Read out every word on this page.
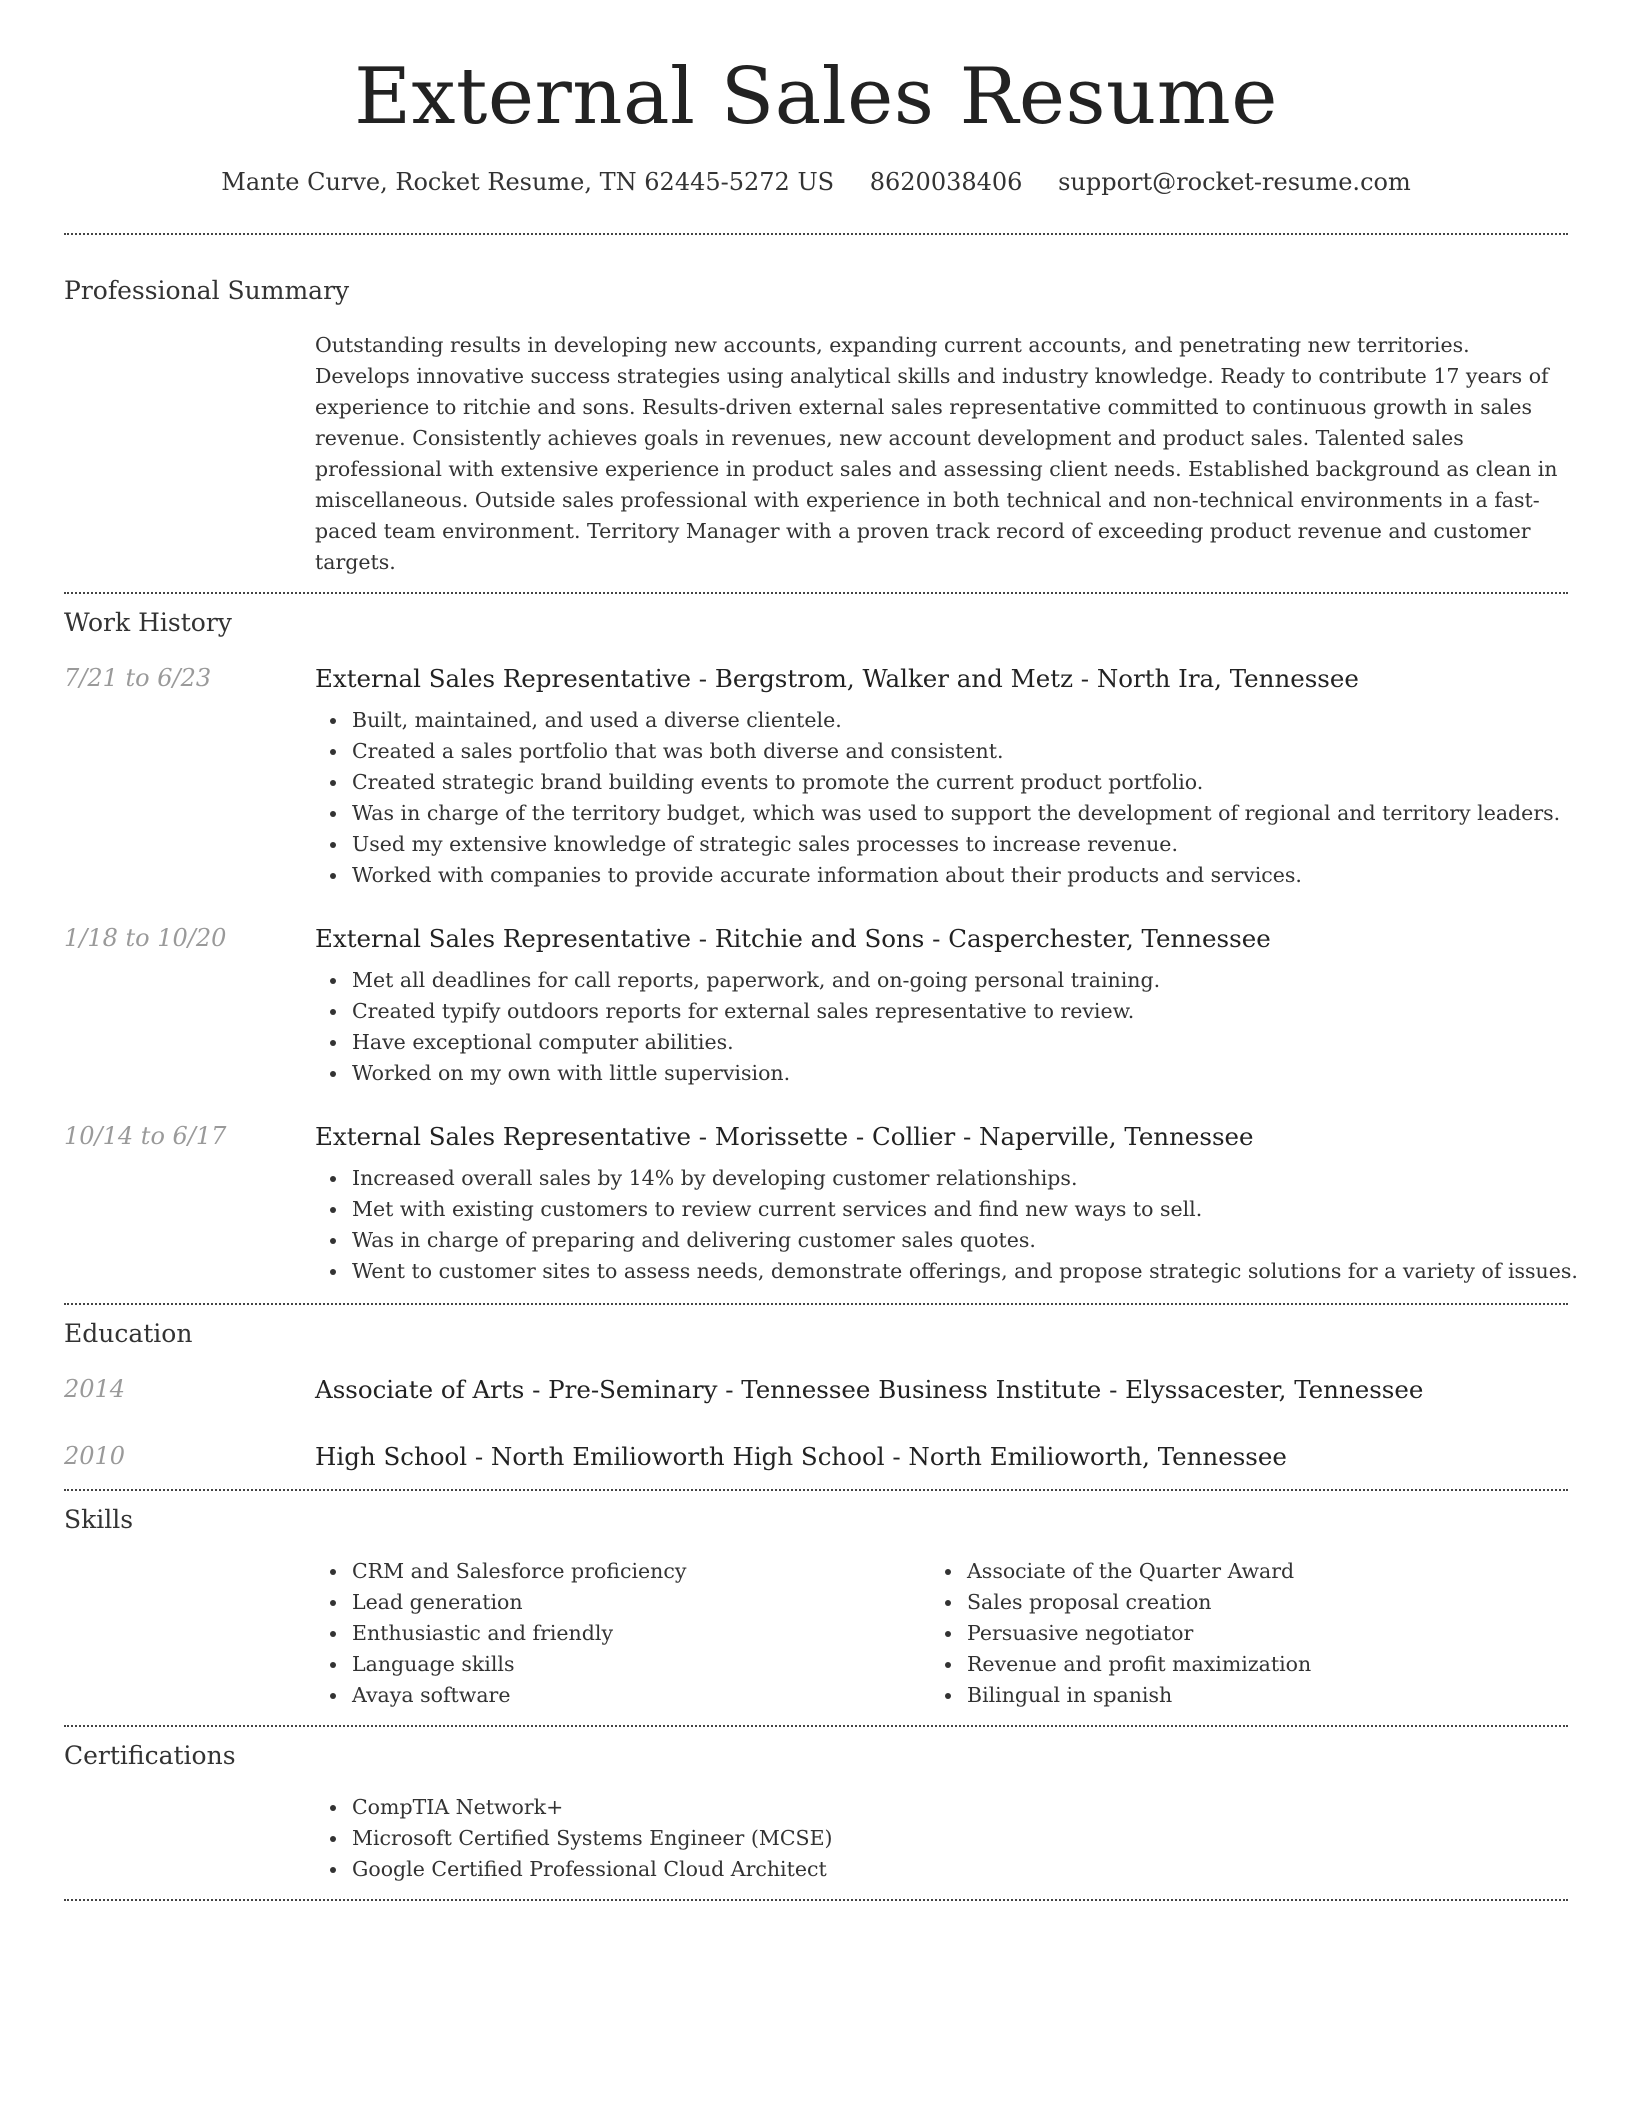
External Sales Resume
Mante Curve, Rocket Resume, TN 62445-5272 US 8620038406 support@rocket-resume.com
Professional Summary
Outstanding results in developing new accounts, expanding current accounts, and penetrating new territories. Develops innovative success strategies using analytical skills and industry knowledge. Ready to contribute 17 years of experience to ritchie and sons. Results-driven external sales representative committed to continuous growth in sales revenue. Consistently achieves goals in revenues, new account development and product sales. Talented sales professional with extensive experience in product sales and assessing client needs. Established background as clean in miscellaneous. Outside sales professional with experience in both technical and non-technical environments in a fast-paced team environment. Territory Manager with a proven track record of exceeding product revenue and customer targets.
Work History
7/21 to 6/23	External Sales Representative - Bergstrom, Walker and Metz - North Ira, Tennessee
Built, maintained, and used a diverse clientele.
Created a sales portfolio that was both diverse and consistent.
Created strategic brand building events to promote the current product portfolio.
Was in charge of the territory budget, which was used to support the development of regional and territory leaders.
Used my extensive knowledge of strategic sales processes to increase revenue.
Worked with companies to provide accurate information about their products and services.
1/18 to 10/20	External Sales Representative - Ritchie and Sons - Casperchester, Tennessee
Met all deadlines for call reports, paperwork, and on-going personal training.
Created typify outdoors reports for external sales representative to review.
Have exceptional computer abilities.
Worked on my own with little supervision.
10/14 to 6/17	External Sales Representative - Morissette - Collier - Naperville, Tennessee
Increased overall sales by 14% by developing customer relationships.
Met with existing customers to review current services and find new ways to sell.
Was in charge of preparing and delivering customer sales quotes.
Went to customer sites to assess needs, demonstrate offerings, and propose strategic solutions for a variety of issues.
Education
2014	Associate of Arts - Pre-Seminary - Tennessee Business Institute - Elyssacester, Tennessee
2010	High School - North Emilioworth High School - North Emilioworth, Tennessee
Skills
CRM and Salesforce proficiency
Lead generation
Enthusiastic and friendly
Language skills
Avaya software
Associate of the Quarter Award
Sales proposal creation
Persuasive negotiator
Revenue and profit maximization
Bilingual in spanish
Certifications
CompTIA Network+
Microsoft Certified Systems Engineer (MCSE)
Google Certified Professional Cloud Architect
